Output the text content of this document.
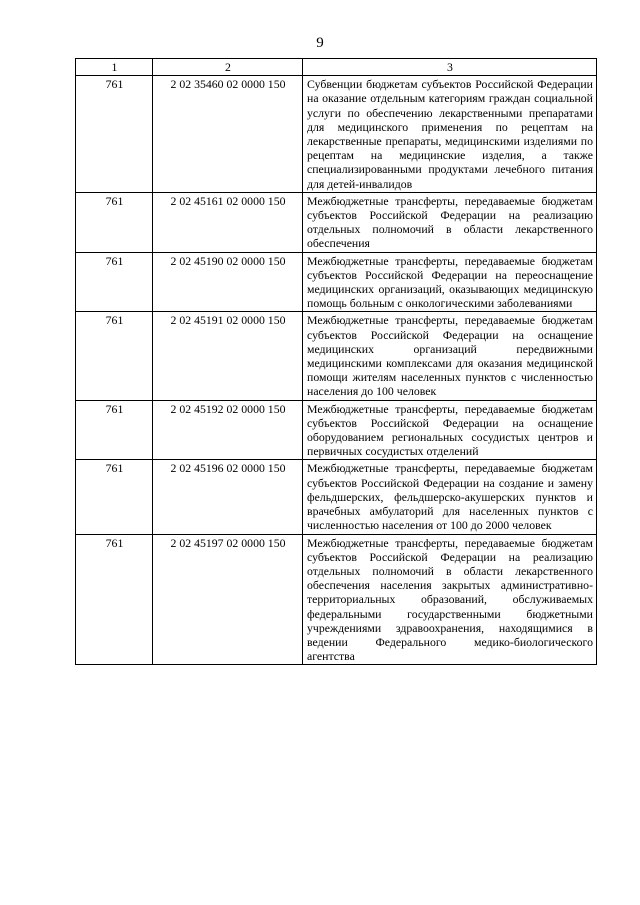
9
1	2	3
761	2 02 35460 02 0000 150	Субвенции бюджетам субъектов Российской Федерации на оказание отдельным категориям граждан социальной услуги по обеспечению лекарственными препаратами для медицинского применения по рецептам на лекарственные препараты, медицинскими изделиями по рецептам на медицинские изделия, а также специализированными продуктами лечебного питания для детей-инвалидов
761	2 02 45161 02 0000 150	Межбюджетные трансферты, передаваемые бюджетам субъектов Российской Федерации на реализацию отдельных полномочий в области лекарственного обеспечения
761	2 02 45190 02 0000 150	Межбюджетные трансферты, передаваемые бюджетам субъектов Российской Федерации на переоснащение медицинских организаций, оказывающих медицинскую помощь больным с онкологическими заболеваниями
761	2 02 45191 02 0000 150	Межбюджетные трансферты, передаваемые бюджетам субъектов Российской Федерации на оснащение медицинских организаций передвижными медицинскими комплексами для оказания медицинской помощи жителям населенных пунктов с численностью населения до 100 человек
761	2 02 45192 02 0000 150	Межбюджетные трансферты, передаваемые бюджетам субъектов Российской Федерации на оснащение оборудованием региональных сосудистых центров и первичных сосудистых отделений
761	2 02 45196 02 0000 150	Межбюджетные трансферты, передаваемые бюджетам субъектов Российской Федерации на создание и замену фельдшерских, фельдшерско-акушерских пунктов и врачебных амбулаторий для населенных пунктов с численностью населения от 100 до 2000 человек
761	2 02 45197 02 0000 150	Межбюджетные трансферты, передаваемые бюджетам субъектов Российской Федерации на реализацию отдельных полномочий в области лекарственного обеспечения населения закрытых административно-территориальных образований, обслуживаемых федеральными государственными бюджетными учреждениями здравоохранения, находящимися в ведении Федерального медико-биологического агентства
